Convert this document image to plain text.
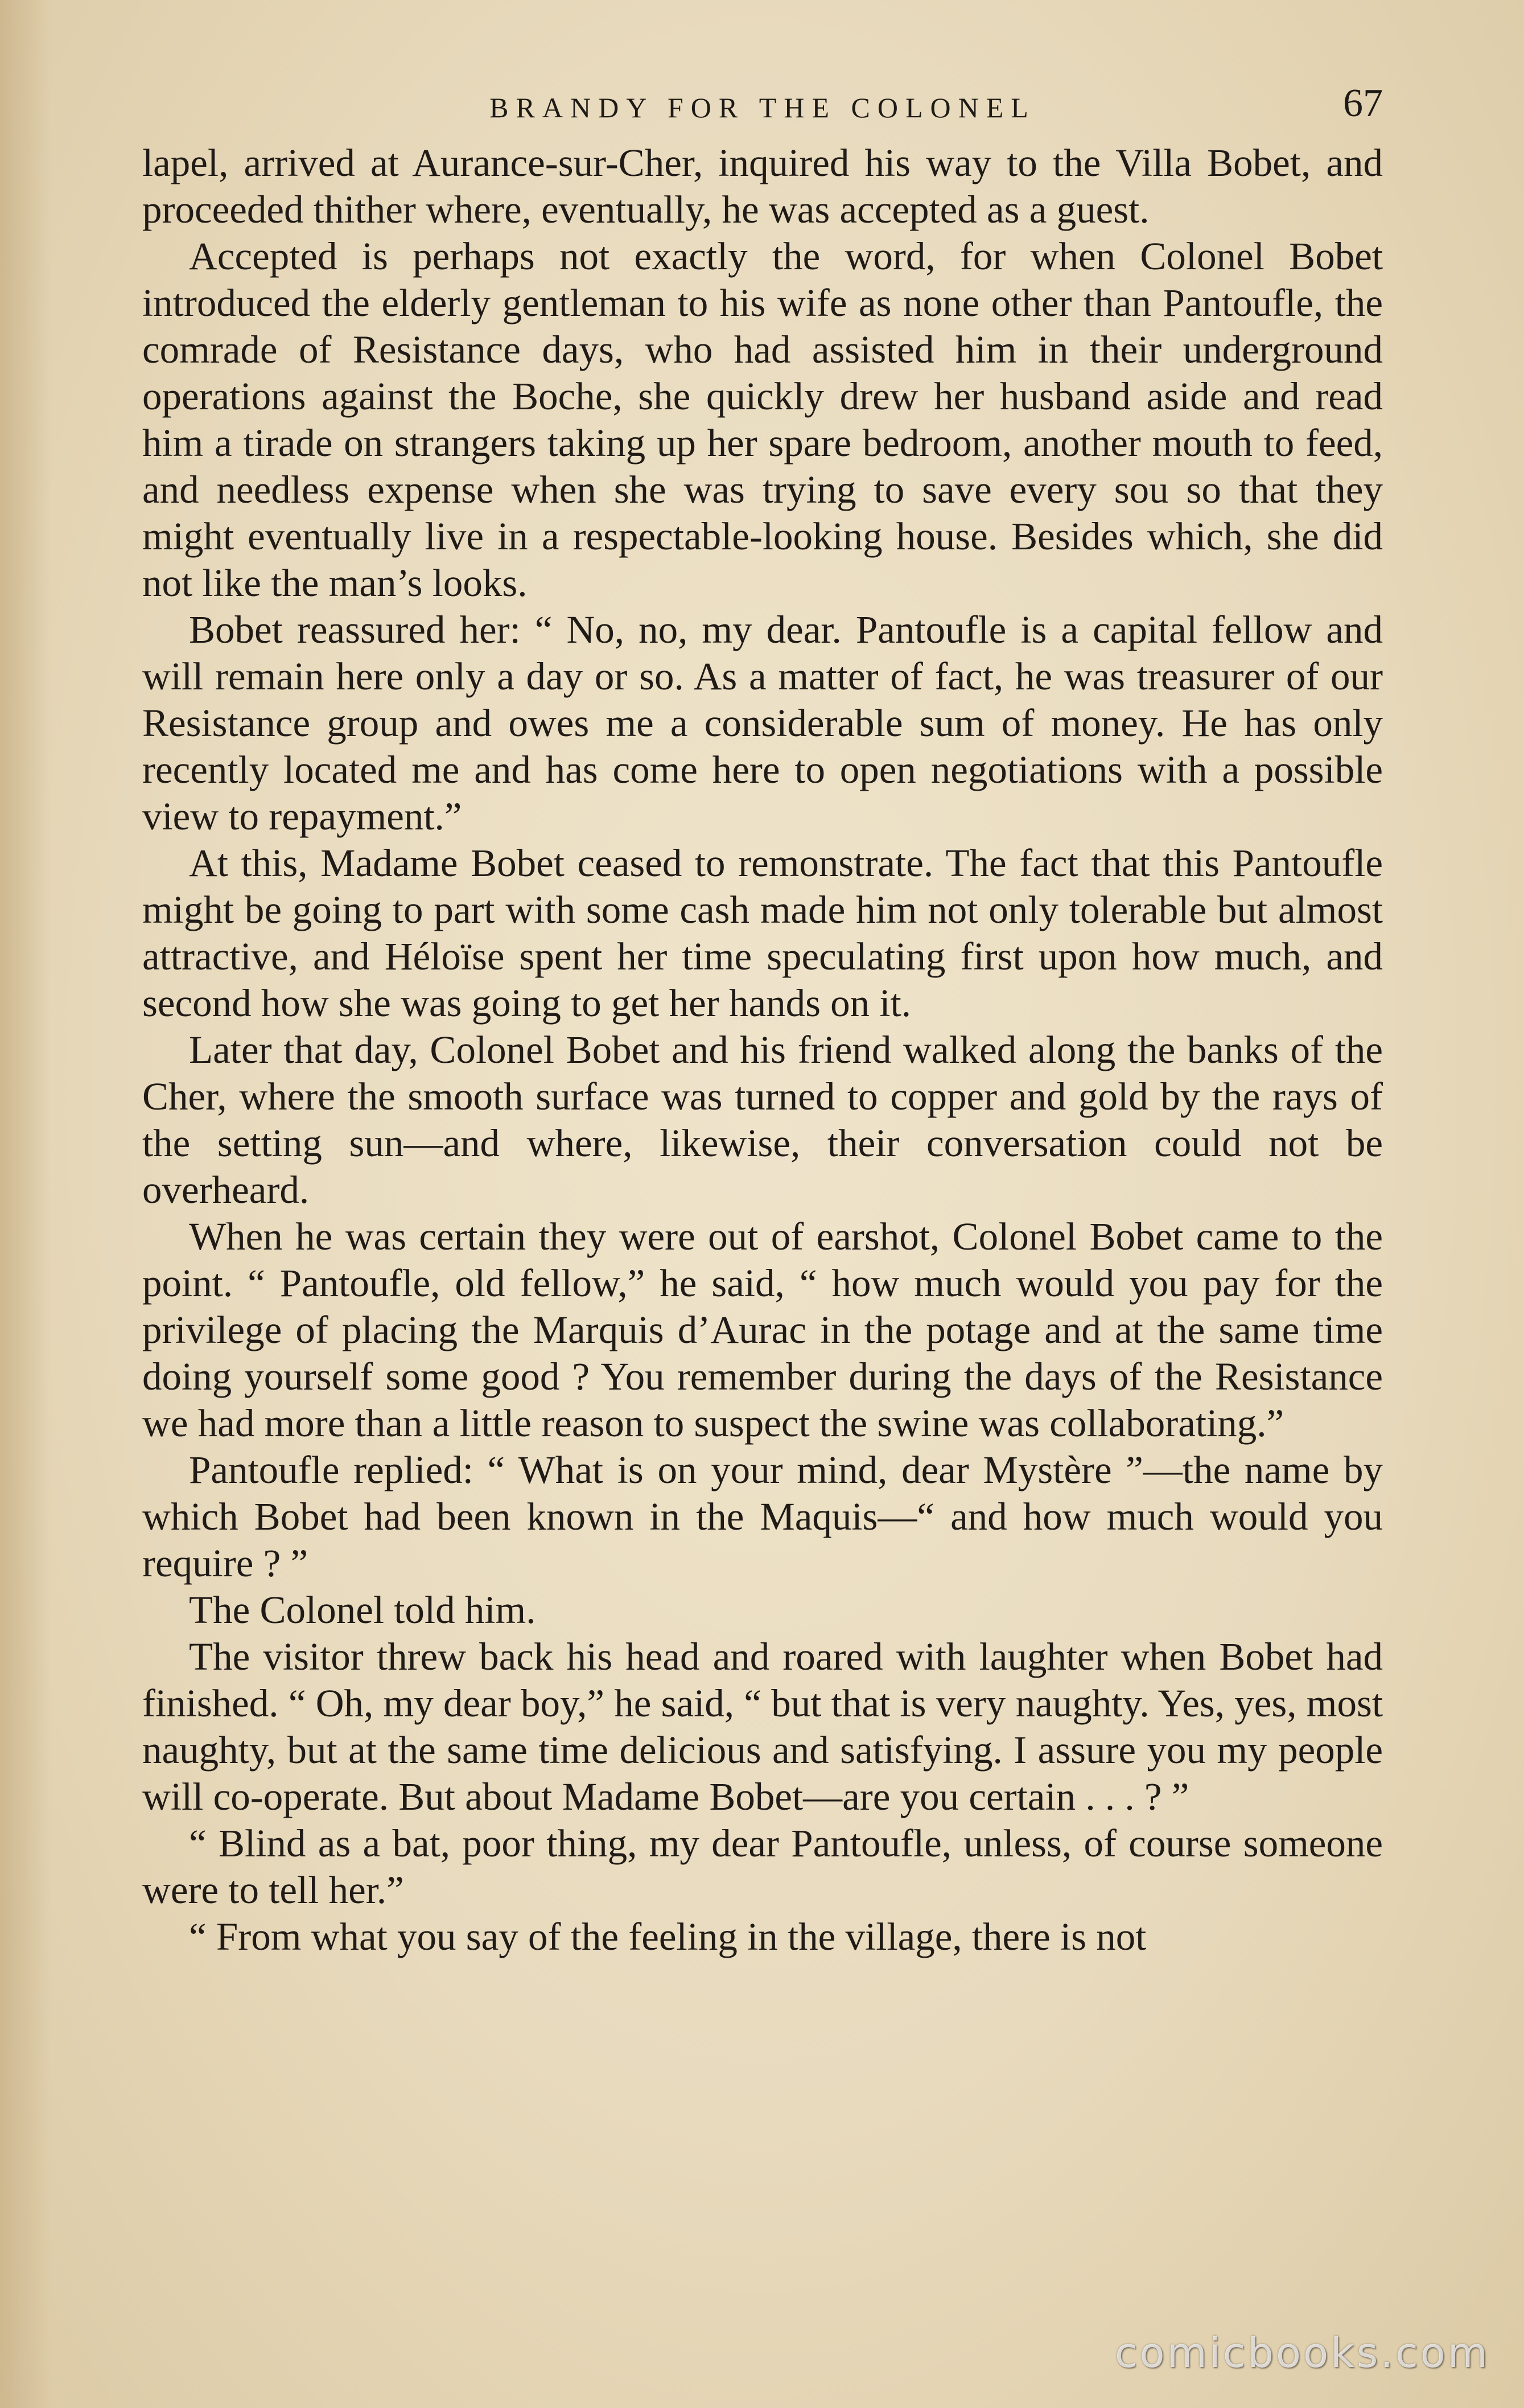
BRANDY FOR THE COLONEL	67

lapel, arrived at Aurance-sur-Cher, inquired his way to the Villa Bobet, and proceeded thither where, eventually, he was accepted as a guest.

Accepted is perhaps not exactly the word, for when Colonel Bobet introduced the elderly gentleman to his wife as none other than Pantoufle, the comrade of Resistance days, who had assisted him in their underground operations against the Boche, she quickly drew her husband aside and read him a tirade on strangers taking up her spare bedroom, another mouth to feed, and needless expense when she was trying to save every sou so that they might eventually live in a respectable-looking house. Besides which, she did not like the man’s looks.

Bobet reassured her: “ No, no, my dear. Pantoufle is a capital fellow and will remain here only a day or so. As a matter of fact, he was treasurer of our Resistance group and owes me a considerable sum of money. He has only recently located me and has come here to open negotiations with a possible view to repayment.”

At this, Madame Bobet ceased to remonstrate. The fact that this Pantoufle might be going to part with some cash made him not only tolerable but almost attractive, and Héloïse spent her time speculating first upon how much, and second how she was going to get her hands on it.

Later that day, Colonel Bobet and his friend walked along the banks of the Cher, where the smooth surface was turned to copper and gold by the rays of the setting sun—and where, likewise, their conversation could not be overheard.

When he was certain they were out of earshot, Colonel Bobet came to the point. “ Pantoufle, old fellow,” he said, “ how much would you pay for the privilege of placing the Marquis d’Aurac in the potage and at the same time doing yourself some good ? You remember during the days of the Resistance we had more than a little reason to suspect the swine was collaborating.”

Pantoufle replied: “ What is on your mind, dear Mystère ”—the name by which Bobet had been known in the Maquis—“ and how much would you require ? ”

The Colonel told him.

The visitor threw back his head and roared with laughter when Bobet had finished. “ Oh, my dear boy,” he said, “ but that is very naughty. Yes, yes, most naughty, but at the same time delicious and satisfying. I assure you my people will co-operate. But about Madame Bobet—are you certain . . . ? ”

“ Blind as a bat, poor thing, my dear Pantoufle, unless, of course someone were to tell her.”

“ From what you say of the feeling in the village, there is not

comicbooks.com
